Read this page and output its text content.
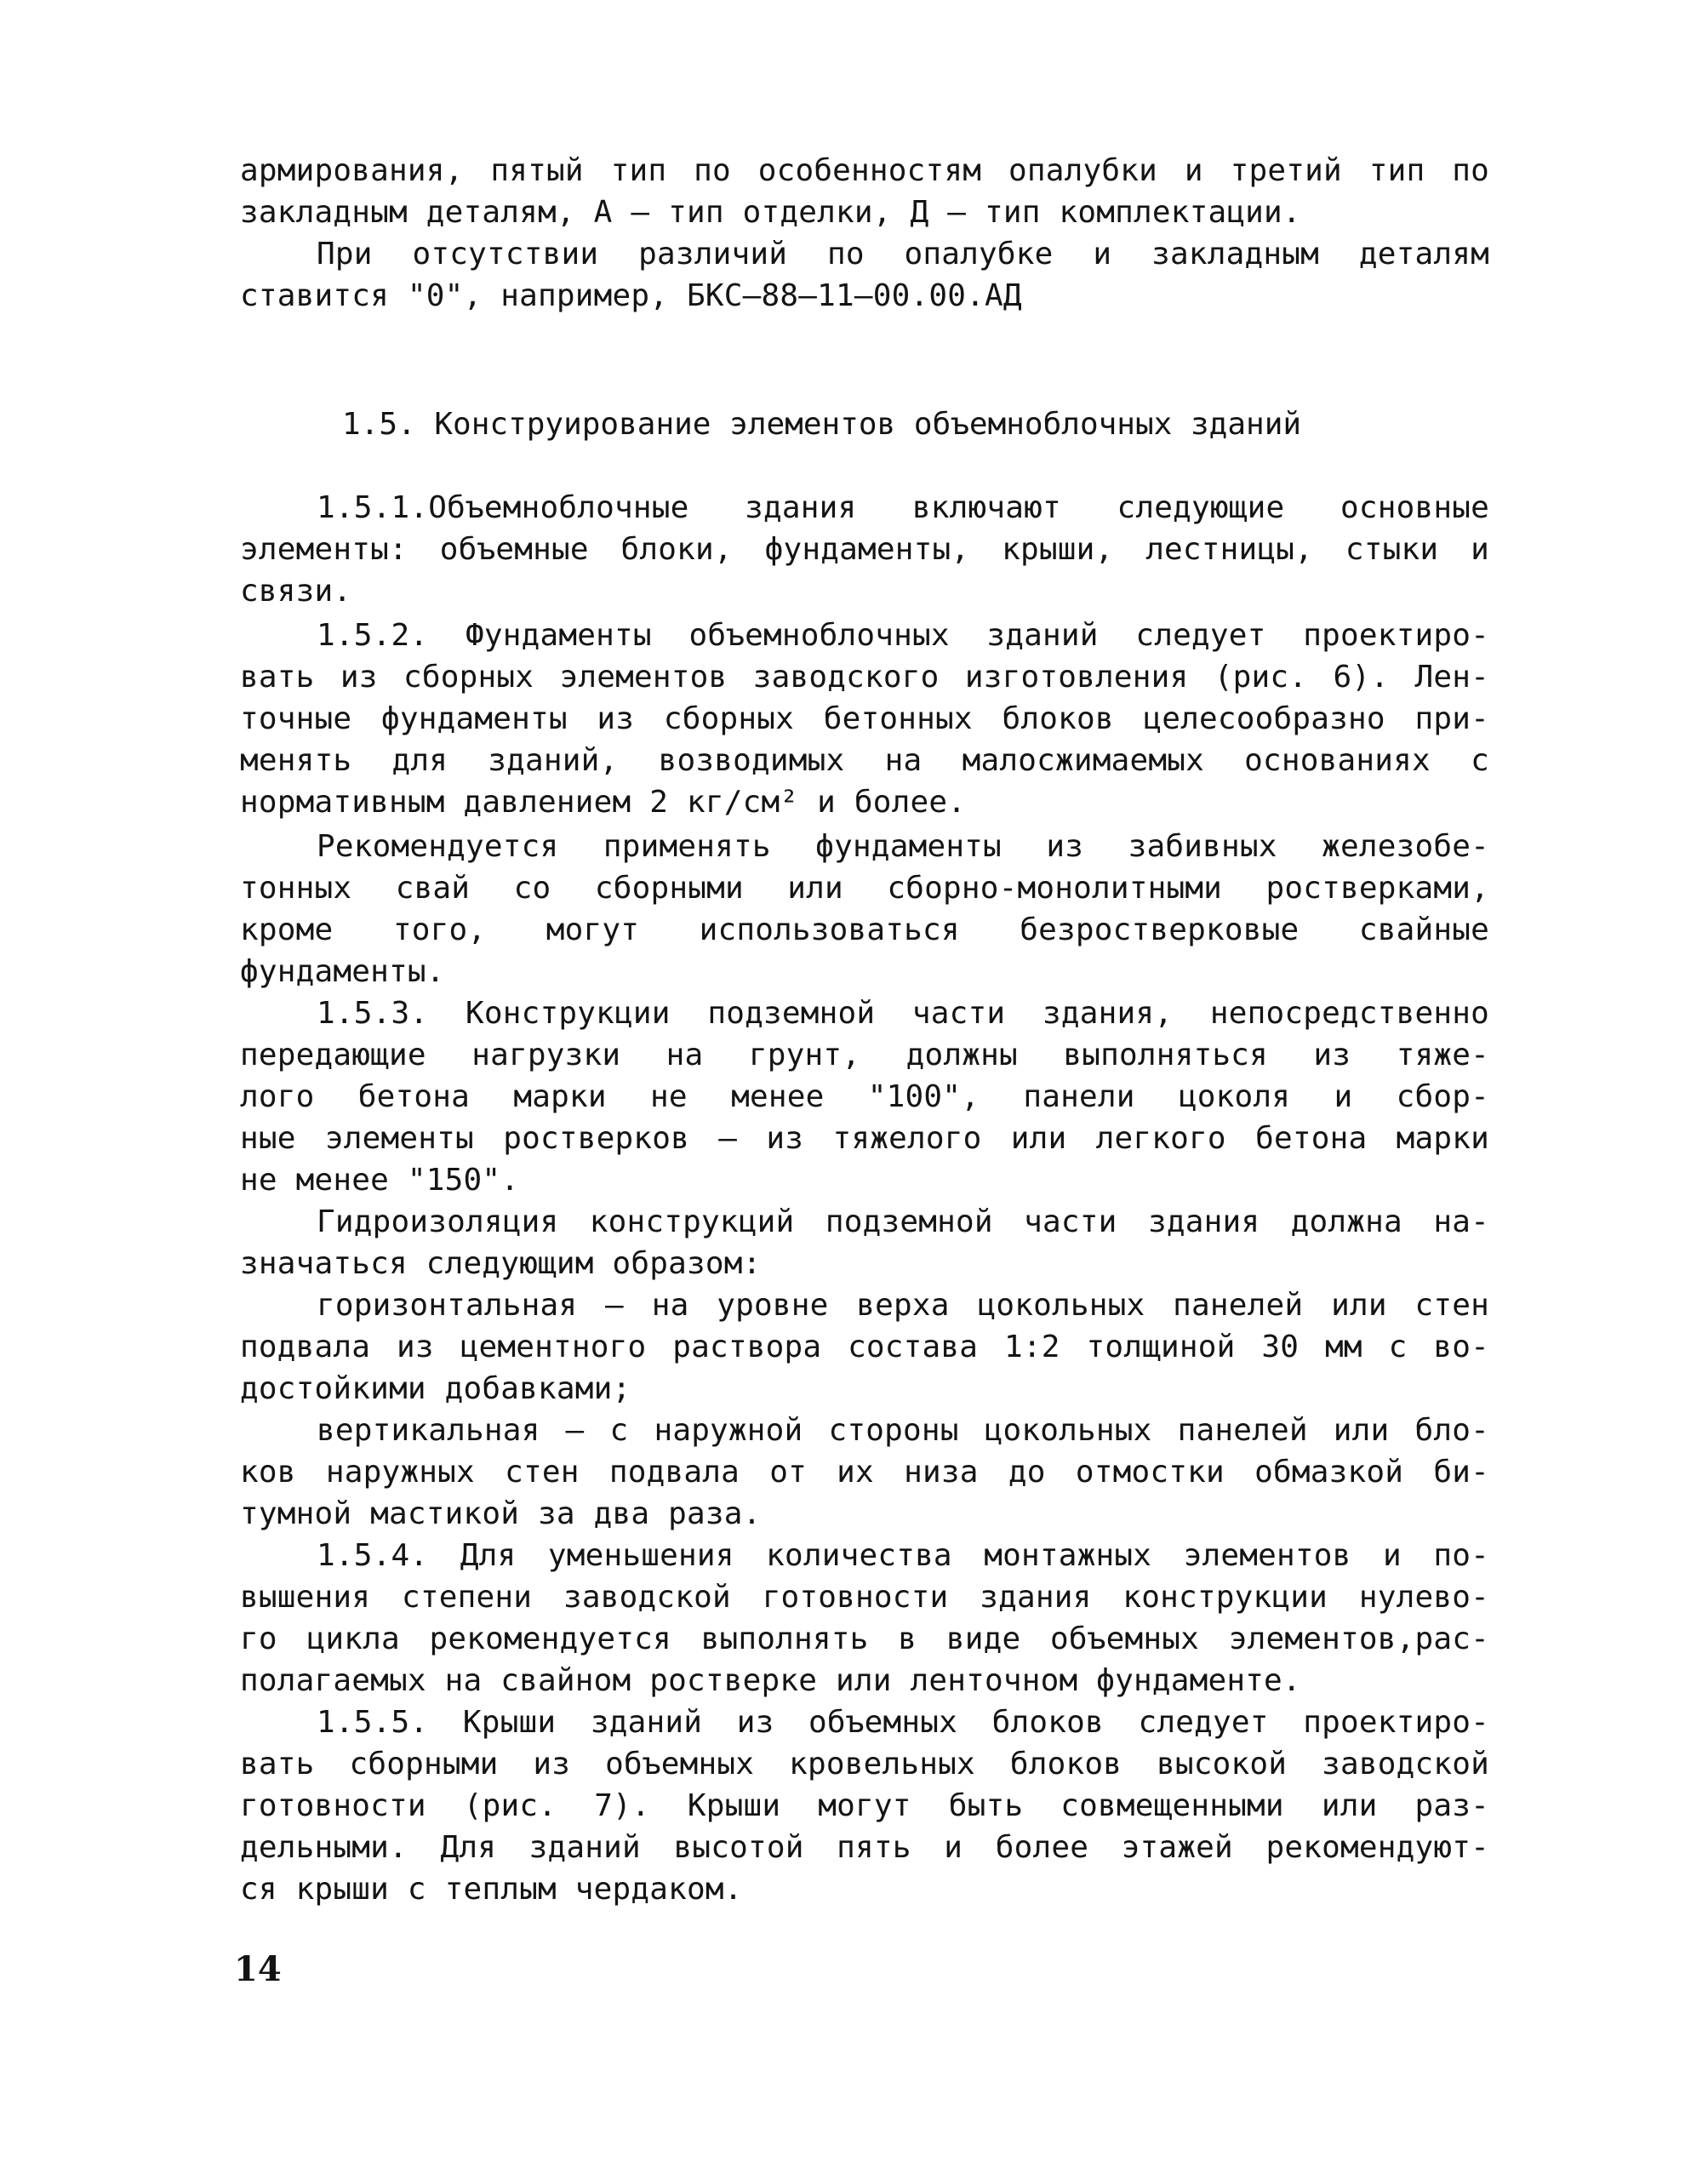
армирования, пятый тип по особенностям опалубки и третий тип по
закладным деталям, А – тип отделки, Д – тип комплектации.
При отсутствии различий по опалубке и закладным деталям
ставится "0", например, БКС–88–11–00.00.АД
1.5. Конструирование элементов объемноблочных зданий
1.5.1.Объемноблочные здания включают следующие основные
элементы: объемные блоки, фундаменты, крыши, лестницы, стыки и
связи.
1.5.2. Фундаменты объемноблочных зданий следует проектиро-
вать из сборных элементов заводского изготовления (рис. 6). Лен-
точные фундаменты из сборных бетонных блоков целесообразно при-
менять для зданий, возводимых на малосжимаемых основаниях с
нормативным давлением 2 кг/см² и более.
Рекомендуется применять фундаменты из забивных железобе-
тонных свай со сборными или сборно-монолитными ростверками,
кроме того, могут использоваться безростверковые свайные
фундаменты.
1.5.3. Конструкции подземной части здания, непосредственно
передающие нагрузки на грунт, должны выполняться из тяже-
лого бетона марки не менее "100", панели цоколя и сбор-
ные элементы ростверков – из тяжелого или легкого бетона марки
не менее "150".
Гидроизоляция конструкций подземной части здания должна на-
значаться следующим образом:
горизонтальная – на уровне верха цокольных панелей или стен
подвала из цементного раствора состава 1:2 толщиной 30 мм с во-
достойкими добавками;
вертикальная – с наружной стороны цокольных панелей или бло-
ков наружных стен подвала от их низа до отмостки обмазкой би-
тумной мастикой за два раза.
1.5.4. Для уменьшения количества монтажных элементов и по-
вышения степени заводской готовности здания конструкции нулево-
го цикла рекомендуется выполнять в виде объемных элементов,рас-
полагаемых на свайном ростверке или ленточном фундаменте.
1.5.5. Крыши зданий из объемных блоков следует проектиро-
вать сборными из объемных кровельных блоков высокой заводской
готовности (рис. 7). Крыши могут быть совмещенными или раз-
дельными. Для зданий высотой пять и более этажей рекомендуют-
ся крыши с теплым чердаком.
14
